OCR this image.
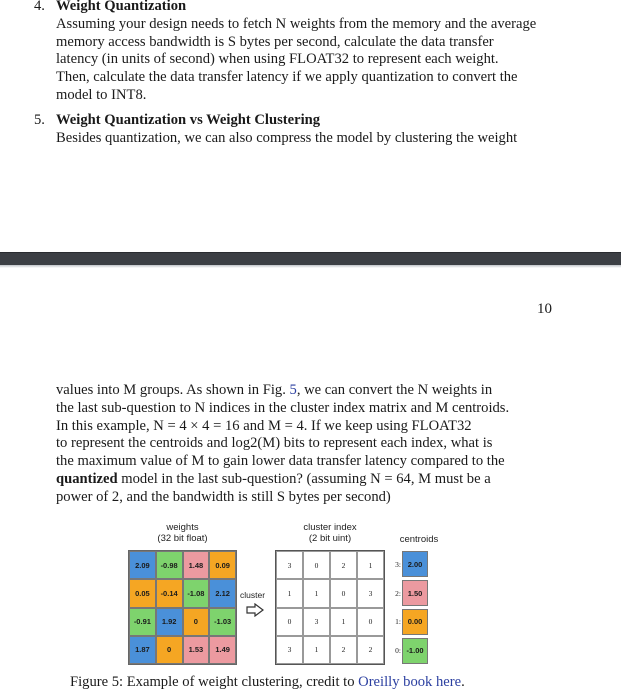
4. Weight Quantization
Assuming your design needs to fetch N weights from the memory and the average
memory access bandwidth is S bytes per second, calculate the data transfer
latency (in units of second) when using FLOAT32 to represent each weight.
Then, calculate the data transfer latency if we apply quantization to convert the
model to INT8.
5. Weight Quantization vs Weight Clustering
Besides quantization, we can also compress the model by clustering the weight
10
values into M groups. As shown in Fig. 5, we can convert the N weights in
the last sub-question to N indices in the cluster index matrix and M centroids.
In this example, N = 4 × 4 = 16 and M = 4. If we keep using FLOAT32
to represent the centroids and log2(M) bits to represent each index, what is
the maximum value of M to gain lower data transfer latency compared to the
quantized model in the last sub-question? (assuming N = 64, M must be a
power of 2, and the bandwidth is still S bytes per second)
weights
(32 bit float)
cluster index
(2 bit uint)	centroids
2.09	-0.98	1.48	0.09
0.05	-0.14	-1.08	2.12
-0.91	1.92	0	-1.03
1.87	0	1.53	1.49
cluster
3	0	2	1
1	1	0	3
0	3	1	0
3	1	2	2
3: 2.00
2: 1.50
1: 0.00
0: -1.00
Figure 5: Example of weight clustering, credit to Oreilly book here.
